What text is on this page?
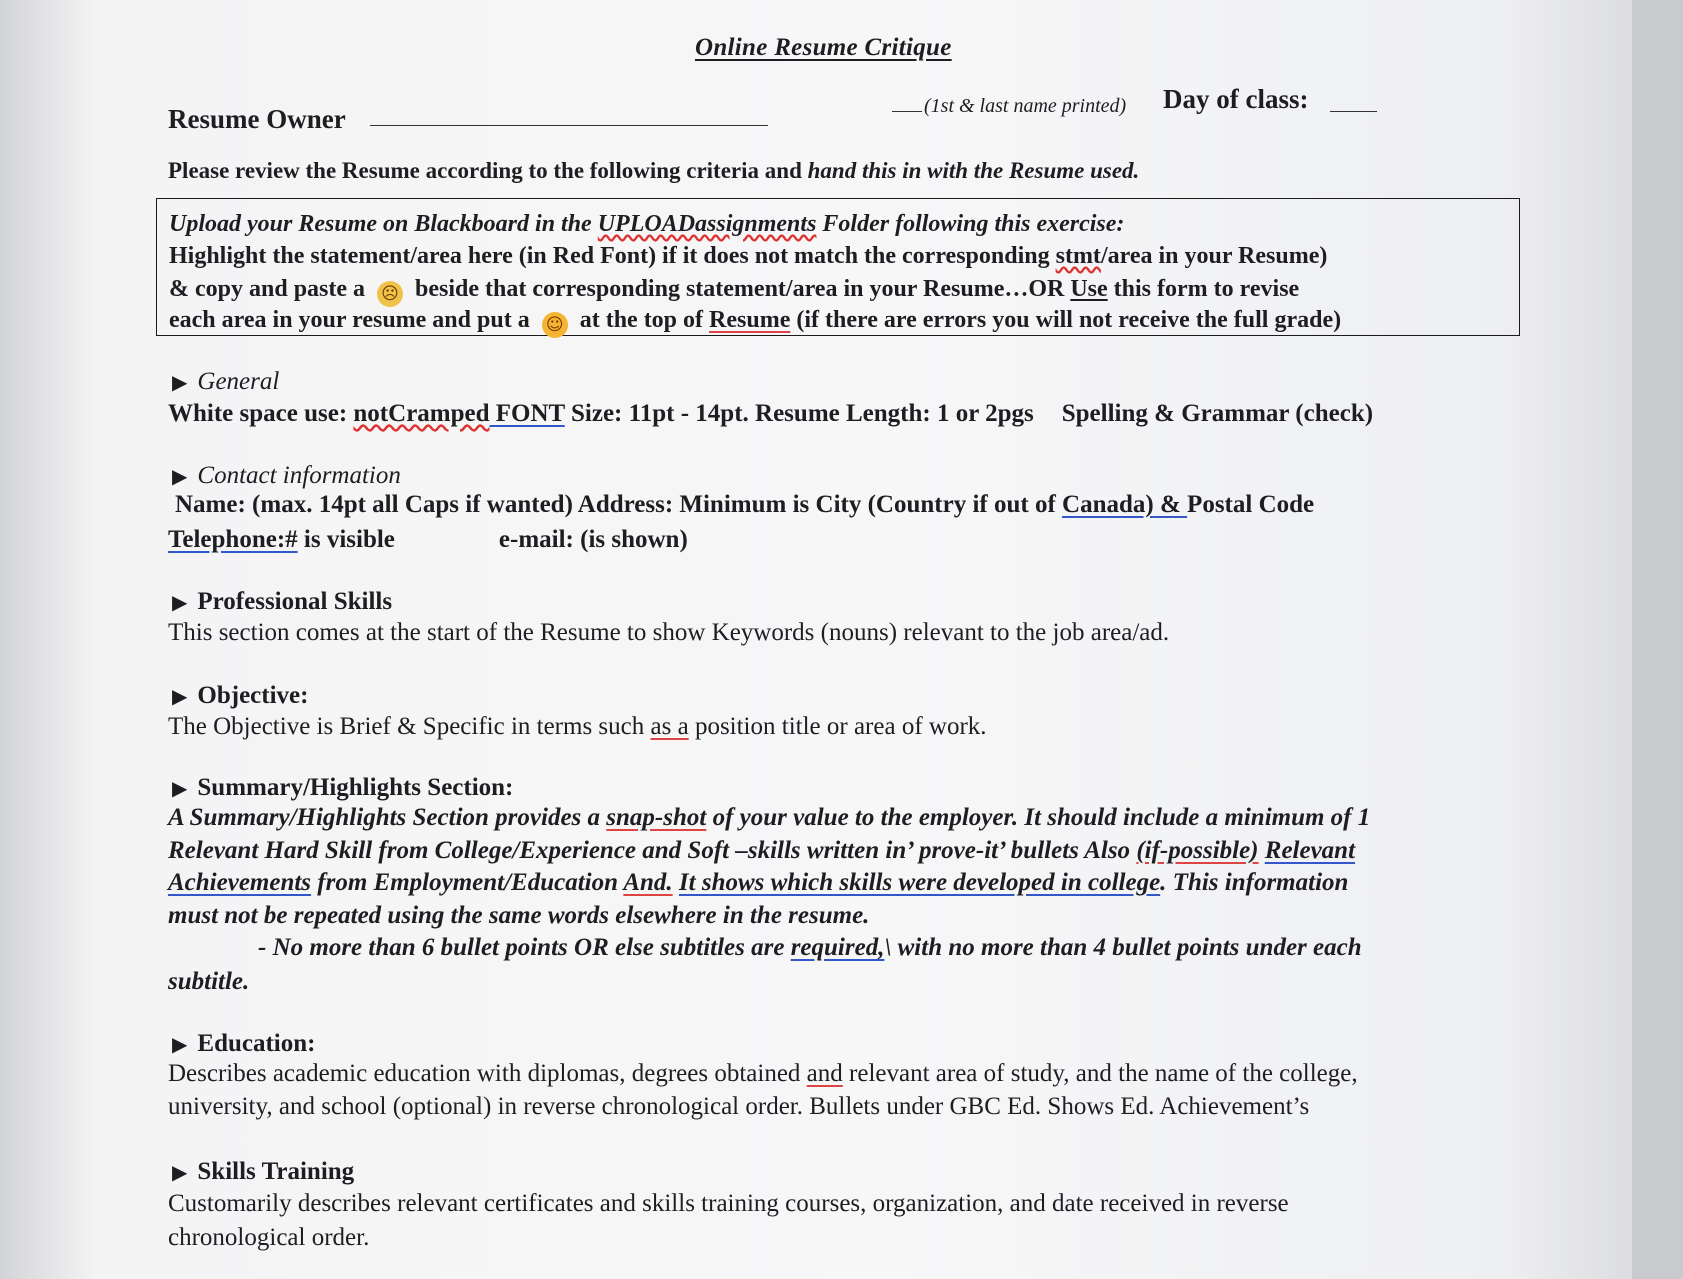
Online Resume Critique
Resume Owner	(1st & last name printed) Day of class:
Please review the Resume according to the following criteria and hand this in with the Resume used.
Upload your Resume on Blackboard in the UPLOADassignments Folder following this exercise:
Highlight the statement/area here (in Red Font) if it does not match the corresponding stmt/area in your Resume)
& copy and paste a ☹ beside that corresponding statement/area in your Resume…OR Use this form to revise
each area in your resume and put a ☺ at the top of Resume (if there are errors you will not receive the full grade)
▶ General
White space use: notCramped FONT Size: 11pt - 14pt. Resume Length: 1 or 2pgs Spelling & Grammar (check)
▶ Contact information
Name: (max. 14pt all Caps if wanted) Address: Minimum is City (Country if out of Canada) & Postal Code
Telephone:# is visible	e-mail: (is shown)
▶ Professional Skills
This section comes at the start of the Resume to show Keywords (nouns) relevant to the job area/ad.
▶ Objective:
The Objective is Brief & Specific in terms such as a position title or area of work.
▶ Summary/Highlights Section:
A Summary/Highlights Section provides a snap-shot of your value to the employer. It should include a minimum of 1
Relevant Hard Skill from College/Experience and Soft –skills written in’ prove-it’ bullets Also (if-possible) Relevant
Achievements from Employment/Education And. It shows which skills were developed in college. This information
must not be repeated using the same words elsewhere in the resume.
- No more than 6 bullet points OR else subtitles are required,\ with no more than 4 bullet points under each
subtitle.
▶ Education:
Describes academic education with diplomas, degrees obtained and relevant area of study, and the name of the college,
university, and school (optional) in reverse chronological order. Bullets under GBC Ed. Shows Ed. Achievement’s
▶ Skills Training
Customarily describes relevant certificates and skills training courses, organization, and date received in reverse
chronological order.
